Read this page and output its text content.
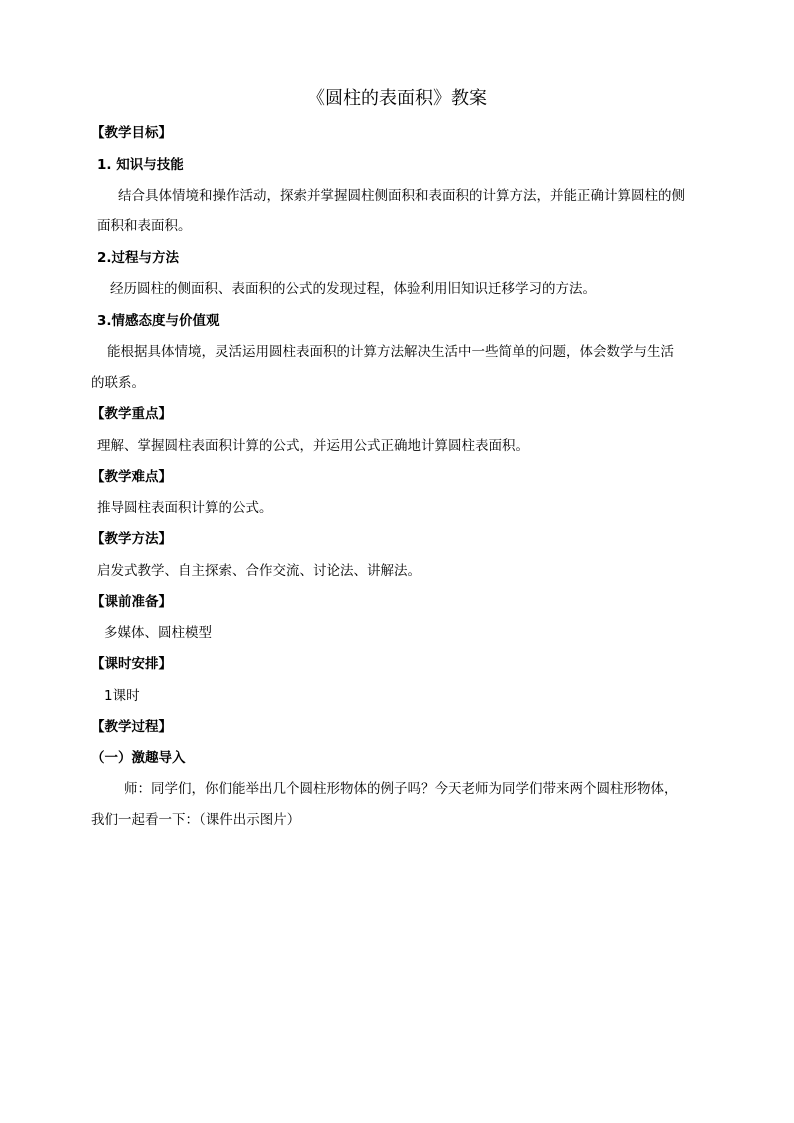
《圆柱的表面积》教案
【教学目标】
1. 知识与技能
结合具体情境和操作活动，探索并掌握圆柱侧面积和表面积的计算方法，并能正确计算圆柱的侧
面积和表面积。
2.过程与方法
经历圆柱的侧面积、表面积的公式的发现过程，体验利用旧知识迁移学习的方法。
3.情感态度与价值观
能根据具体情境，灵活运用圆柱表面积的计算方法解决生活中一些简单的问题，体会数学与生活
的联系。
【教学重点】
理解、掌握圆柱表面积计算的公式，并运用公式正确地计算圆柱表面积。
【教学难点】
推导圆柱表面积计算的公式。
【教学方法】
启发式教学、自主探索、合作交流、讨论法、讲解法。
【课前准备】
多媒体、圆柱模型
【课时安排】
1课时
【教学过程】
（一）激趣导入
师：同学们，你们能举出几个圆柱形物体的例子吗？今天老师为同学们带来两个圆柱形物体，
我们一起看一下：（课件出示图片）
